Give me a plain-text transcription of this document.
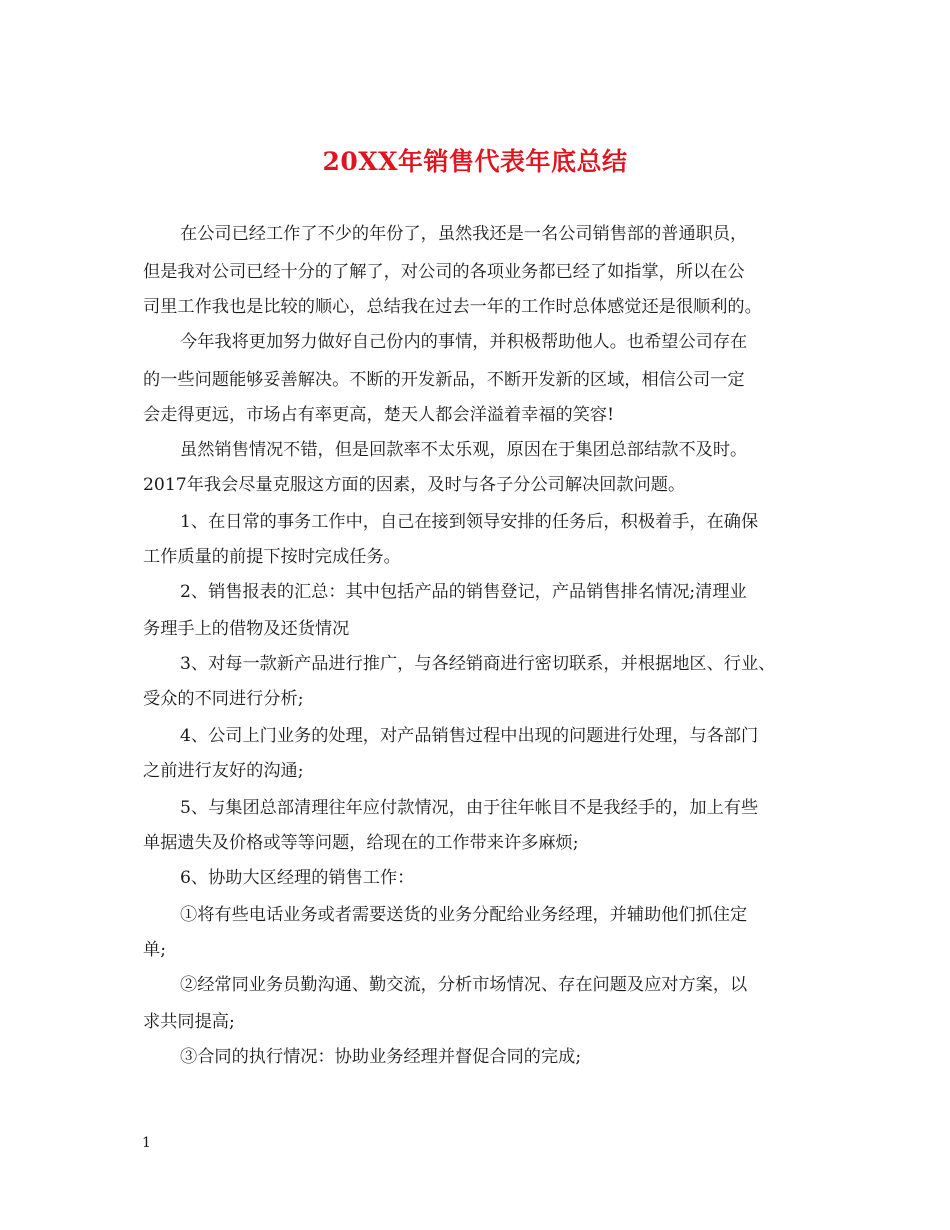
20XX年销售代表年底总结
在公司已经工作了不少的年份了，虽然我还是一名公司销售部的普通职员，
但是我对公司已经十分的了解了，对公司的各项业务都已经了如指掌，所以在公
司里工作我也是比较的顺心，总结我在过去一年的工作时总体感觉还是很顺利的。
今年我将更加努力做好自己份内的事情，并积极帮助他人。也希望公司存在
的一些问题能够妥善解决。不断的开发新品，不断开发新的区域，相信公司一定
会走得更远，市场占有率更高，楚天人都会洋溢着幸福的笑容!
虽然销售情况不错，但是回款率不太乐观，原因在于集团总部结款不及时。
2017年我会尽量克服这方面的因素，及时与各子分公司解决回款问题。
1、在日常的事务工作中，自己在接到领导安排的任务后，积极着手，在确保
工作质量的前提下按时完成任务。
2、销售报表的汇总：其中包括产品的销售登记，产品销售排名情况;清理业
务理手上的借物及还货情况
3、对每一款新产品进行推广，与各经销商进行密切联系，并根据地区、行业、
受众的不同进行分析;
4、公司上门业务的处理，对产品销售过程中出现的问题进行处理，与各部门
之前进行友好的沟通;
5、与集团总部清理往年应付款情况，由于往年帐目不是我经手的，加上有些
单据遗失及价格或等等问题，给现在的工作带来许多麻烦;
6、协助大区经理的销售工作：
①将有些电话业务或者需要送货的业务分配给业务经理，并辅助他们抓住定
单;
②经常同业务员勤沟通、勤交流，分析市场情况、存在问题及应对方案，以
求共同提高;
③合同的执行情况：协助业务经理并督促合同的完成;
1
